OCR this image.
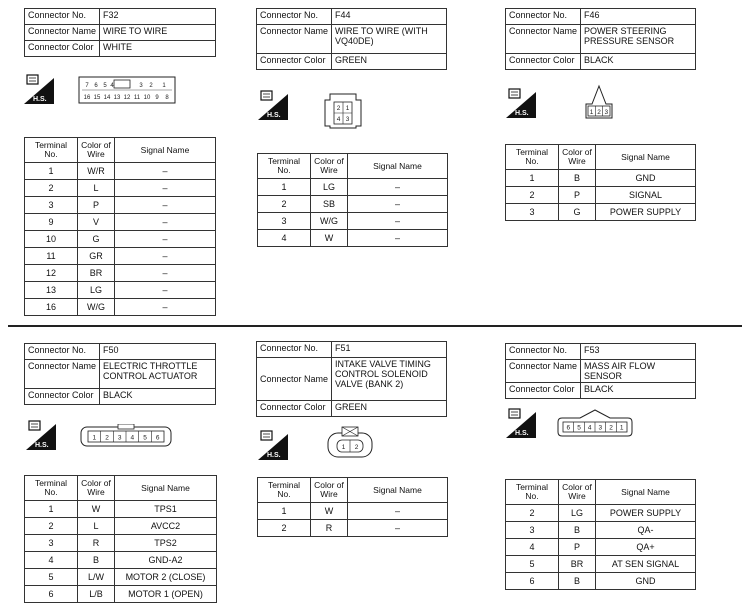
Connector No.	F32
Connector Name	WIRE TO WIRE
Connector Color	WHITE
H.S.
7 6 5 4	3 2 1
16 15 14 13 12 11 10 9 8
Terminal No.	Color of Wire	Signal Name
1	W/R	–
2	L	–
3	P	–
9	V	–
10	G	–
11	GR	–
12	BR	–
13	LG	–
16	W/G	–
Connector No.	F44
Connector Name	WIRE TO WIRE (WITH VQ40DE)
Connector Color	GREEN
H.S.
2 1
4 3
Terminal No.	Color of Wire	Signal Name
1	LG	–
2	SB	–
3	W/G	–
4	W	–
Connector No.	F46
Connector Name	POWER STEERING PRESSURE SENSOR
Connector Color	BLACK
H.S.	1 2 3
Terminal No.	Color of Wire	Signal Name
1	B	GND
2	P	SIGNAL
3	G	POWER SUPPLY
Connector No.	F50
Connector Name	ELECTRIC THROTTLE CONTROL ACTUATOR
Connector Color	BLACK
H.S.
1 2 3 4 5 6
Terminal No.	Color of Wire	Signal Name
1	W	TPS1
2	L	AVCC2
3	R	TPS2
4	B	GND-A2
5	L/W	MOTOR 2 (CLOSE)
6	L/B	MOTOR 1 (OPEN)
Connector No.	F51
Connector Name	INTAKE VALVE TIMING CONTROL SOLENOID VALVE (BANK 2)
Connector Color	GREEN
H.S.
1 2
Terminal No.	Color of Wire	Signal Name
1	W	–
2	R	–
Connector No.	F53
Connector Name	MASS AIR FLOW SENSOR
Connector Color	BLACK
H.S.
6 5 4 3 2 1
Terminal No.	Color of Wire	Signal Name
2	LG	POWER SUPPLY
3	B	QA-
4	P	QA+
5	BR	AT SEN SIGNAL
6	B	GND
